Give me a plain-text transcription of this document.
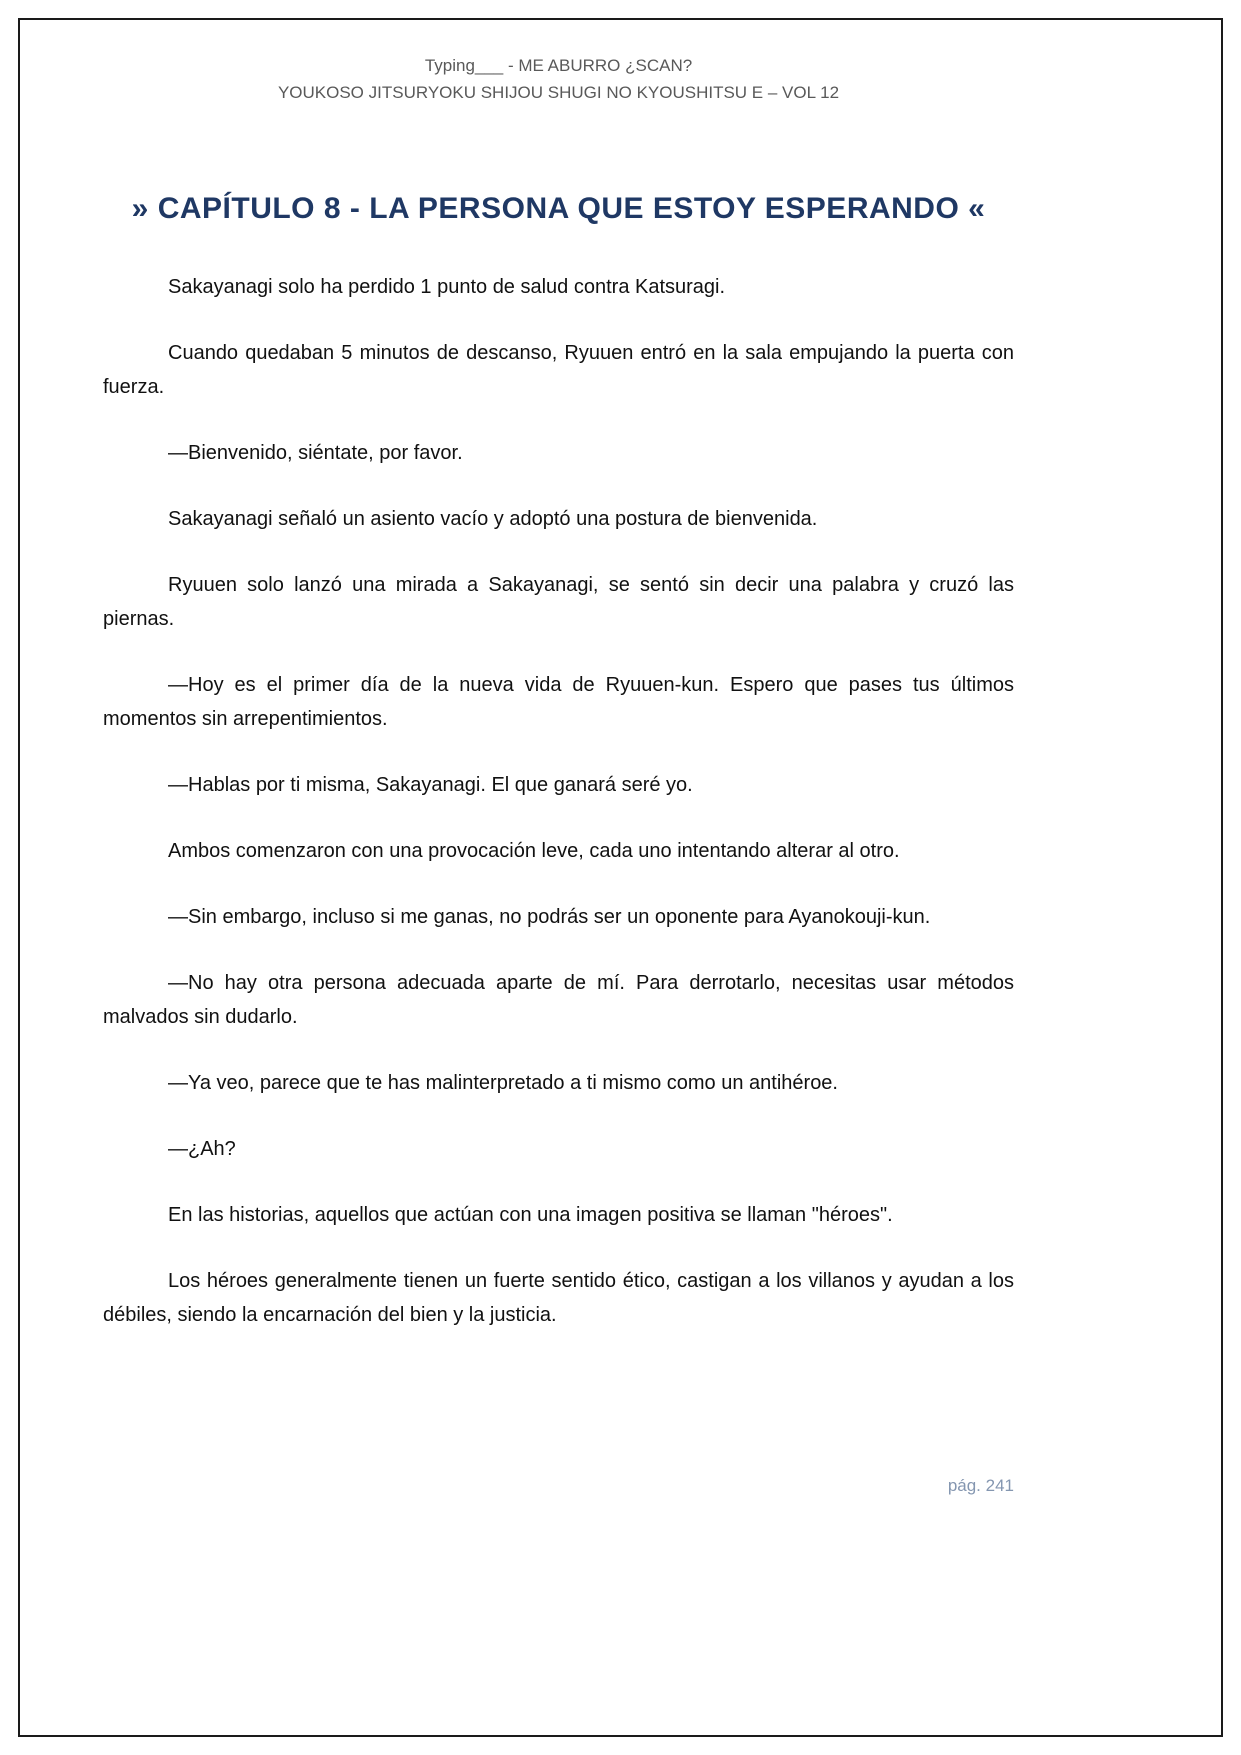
Typing___ - ME ABURRO ¿SCAN?
YOUKOSO JITSURYOKU SHIJOU SHUGI NO KYOUSHITSU E – VOL 12
» CAPÍTULO 8 - LA PERSONA QUE ESTOY ESPERANDO «

Sakayanagi solo ha perdido 1 punto de salud contra Katsuragi.

Cuando quedaban 5 minutos de descanso, Ryuuen entró en la sala empujando la puerta con fuerza.

—Bienvenido, siéntate, por favor.

Sakayanagi señaló un asiento vacío y adoptó una postura de bienvenida.

Ryuuen solo lanzó una mirada a Sakayanagi, se sentó sin decir una palabra y cruzó las piernas.

—Hoy es el primer día de la nueva vida de Ryuuen-kun. Espero que pases tus últimos momentos sin arrepentimientos.

—Hablas por ti misma, Sakayanagi. El que ganará seré yo.

Ambos comenzaron con una provocación leve, cada uno intentando alterar al otro.

—Sin embargo, incluso si me ganas, no podrás ser un oponente para Ayanokouji-kun.

—No hay otra persona adecuada aparte de mí. Para derrotarlo, necesitas usar métodos malvados sin dudarlo.

—Ya veo, parece que te has malinterpretado a ti mismo como un antihéroe.

—¿Ah?

En las historias, aquellos que actúan con una imagen positiva se llaman "héroes".

Los héroes generalmente tienen un fuerte sentido ético, castigan a los villanos y ayudan a los débiles, siendo la encarnación del bien y la justicia.

pág. 241
